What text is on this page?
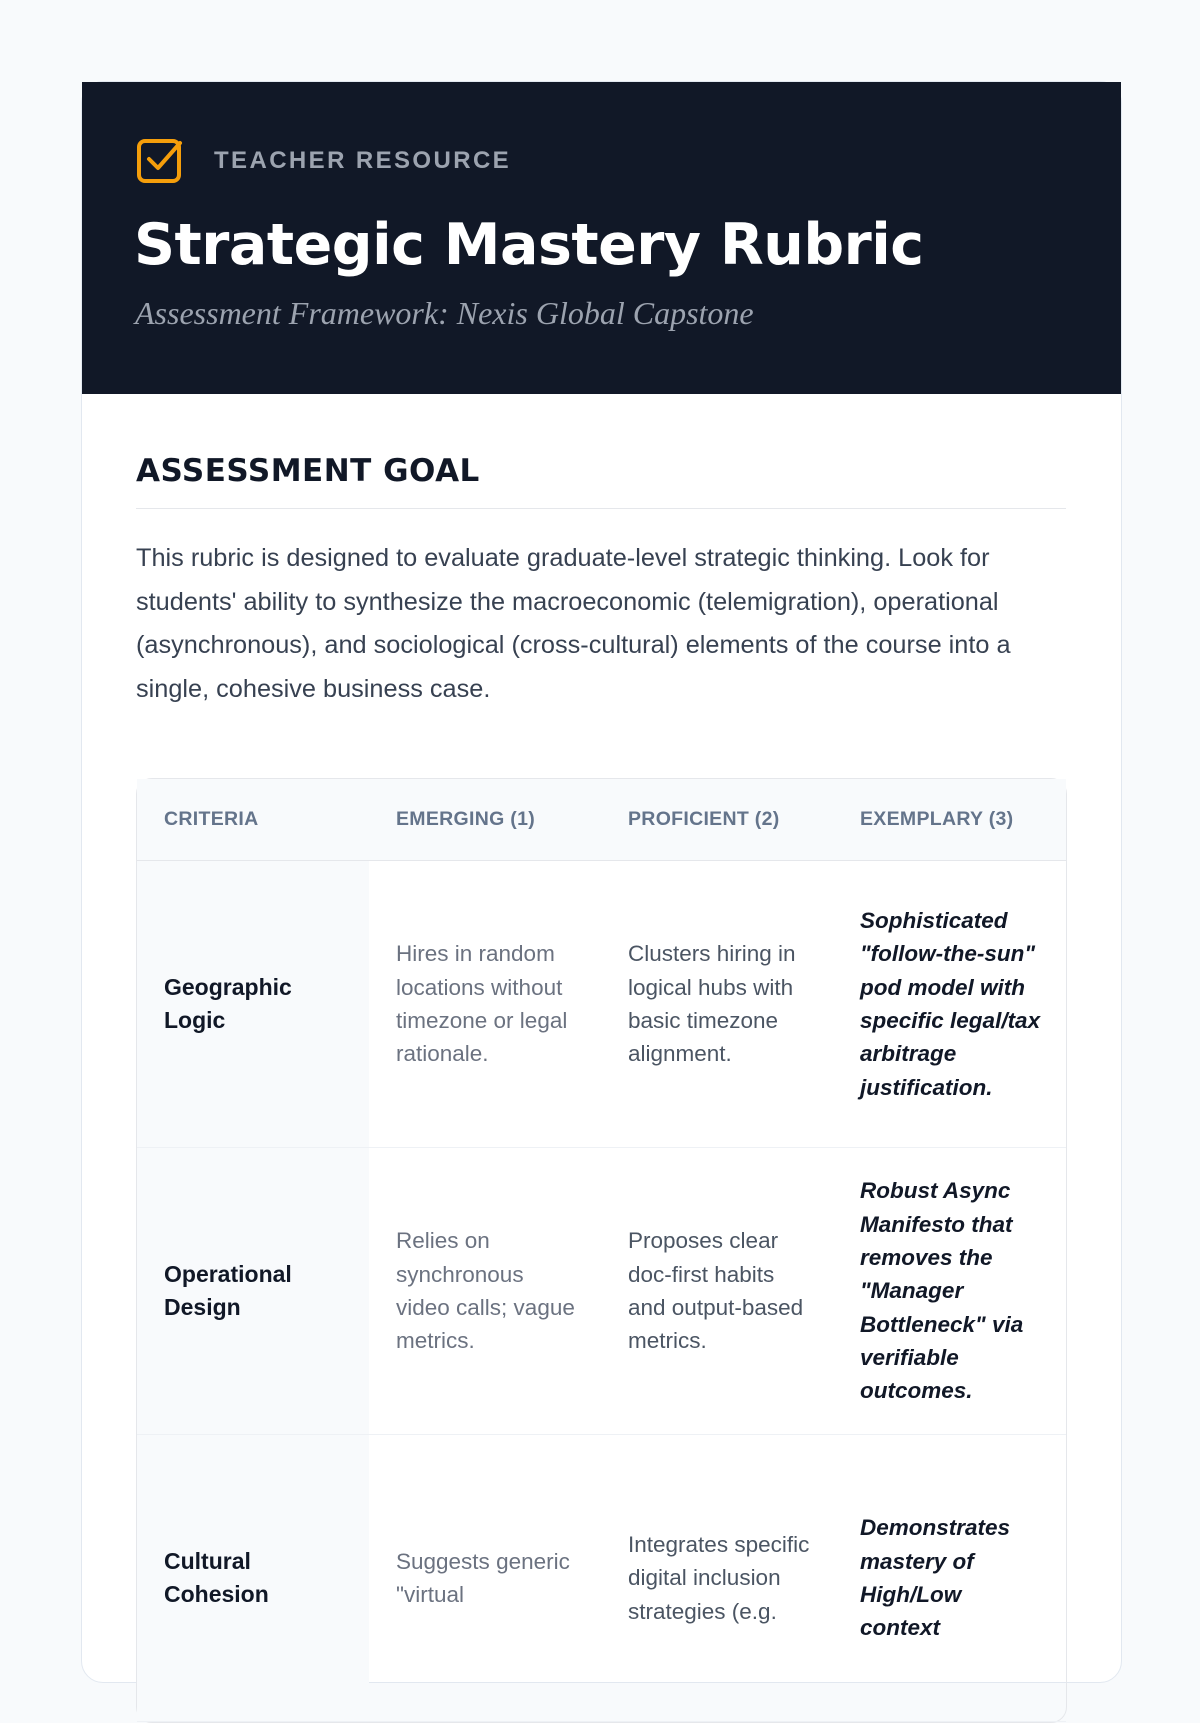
TEACHER RESOURCE
Strategic Mastery Rubric
Assessment Framework: Nexis Global Capstone
ASSESSMENT GOAL

This rubric is designed to evaluate graduate-level strategic thinking. Look for students' ability to synthesize the macroeconomic (telemigration), operational (asynchronous), and sociological (cross-cultural) elements of the course into a single, cohesive business case.

CRITERIA	EMERGING (1)	PROFICIENT (2)	EXEMPLARY (3)
Geographic Logic	Hires in random locations without timezone or legal rationale.	Clusters hiring in logical hubs with basic timezone alignment.	Sophisticated "follow-the-sun" pod model with specific legal/tax arbitrage justification.
Operational Design	Relies on synchronous video calls; vague metrics.	Proposes clear doc-first habits and output-based metrics.	Robust Async Manifesto that removes the "Manager Bottleneck" via verifiable outcomes.
Cultural Cohesion	Suggests generic "virtual	Integrates specific digital inclusion strategies (e.g.	Demonstrates mastery of High/Low context
